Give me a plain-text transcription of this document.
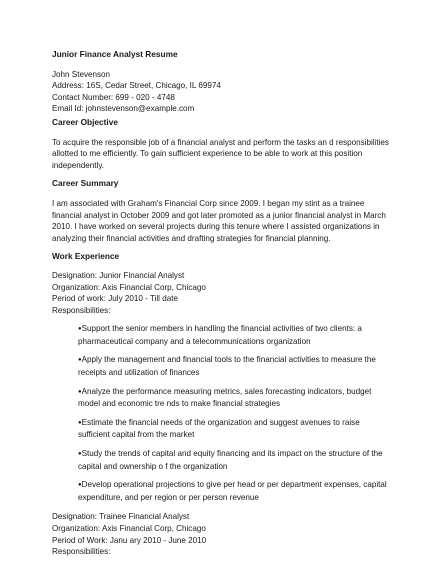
Junior Finance Analyst Resume
John Stevenson
Address: 16S, Cedar Street, Chicago, IL 69974
Contact Number: 699 - 020 - 4748
Email Id: johnstevenson@example.com
Career Objective

To acquire the responsible job of a financial analyst and perform the tasks an d responsibilities allotted to me efficiently. To gain sufficient experience to be able to work at this position independently.

Career Summary

I am associated with Graham's Financial Corp since 2009. I began my stint as a trainee financial analyst in October 2009 and got later promoted as a junior financial analyst in March 2010. I have worked on several projects during this tenure where I assisted organizations in analyzing their financial activities and drafting strategies for financial planning.

Work Experience
Designation: Junior Financial Analyst
Organization: Axis Financial Corp, Chicago
Period of work: July 2010 - Till date
Responsibilities:
● Support the senior members in handling the financial activities of two clients: a pharmaceutical company and a telecommunications organization
● Apply the management and financial tools to the financial activities to measure the receipts and utilization of finances
● Analyze the performance measuring metrics, sales forecasting indicators, budget model and economic tre nds to make financial strategies
● Estimate the financial needs of the organization and suggest avenues to raise sufficient capital from the market
● Study the trends of capital and equity financing and its impact on the structure of the capital and ownership o f the organization
● Develop operational projections to give per head or per department expenses, capital expenditure, and per region or per person revenue
Designation: Trainee Financial Analyst
Organization: Axis Financial Corp, Chicago
Period of Work: Janu ary 2010 - June 2010
Responsibilities:
